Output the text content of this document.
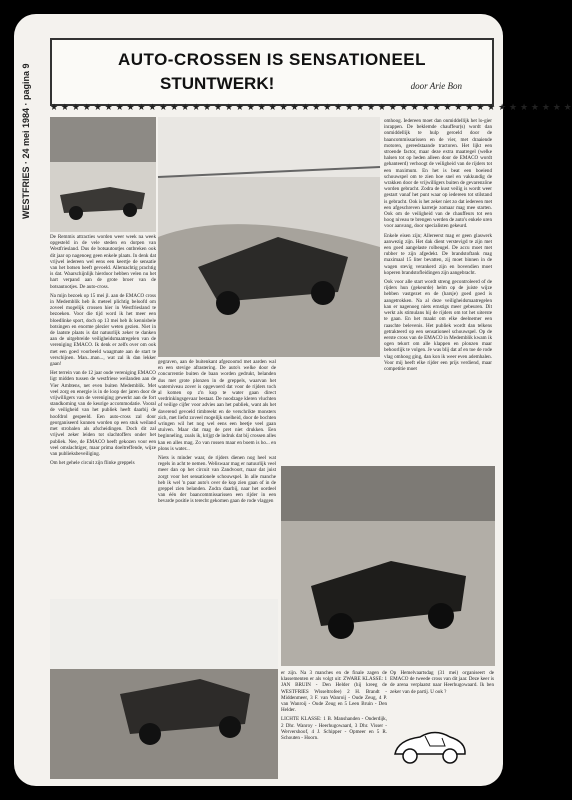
WESTFRIES · 24 mei 1984 · pagina 9
AUTO-CROSSEN IS SENSATIONEEL
STUNTWERK!	door Arie Bon
★ ★ ★ ★ ★ ★ ★ ★ ★ ★ ★ ★ ★ ★ ★ ★ ★ ★ ★ ★ ★ ★ ★ ★ ★ ★ ★ ★ ★ ★ ★ ★ ★ ★ ★ ★ ★ ★ ★ ★ ★ ★ ★ ★ ★ ★ ★ ★

De Remmis attracties worden weer week na week opgesteld in de vele steden en dorpen van Westfriesland. Dus de botsautootjes ontbreken ook dit jaar op nagenoeg geen enkele plaats. In denk dat vrijwel iedereen wel eens een keertje de sensatie van het botsen heeft gevoeld. Allemachtig prachtig is dat. Waarschijnlijk hierdoor hebben velen nu het hart verpand aan de grote broer van de botsautootjes. De auto-cross.

Na mijn bezoek op 15 mei jl. aan de EMACO cross in Medemblik heb ik meteel plichtig beloofd om zoveel mogelijk crossen hier in Westfriesland te bezoeken. Voor die tijd word ik het meer een bloedlinke sport, doch op 13 mei heb ik kennisbele botsingen en enorme plezier weten gezien. Niet in de laatste plaats is dat natuurlijk zeker te danken aan de uitgebreide veiligheidsmaatregelen van de vereniging EMACO. Ik denk er zelfs over om ook met een goed voorbeeld waagmate aan de start te verschijnen. Man...man..., wat zal ik dan lekker gaan!

Het terrein van de 12 jaar oude vereniging EMACO ligt midden tussen de westfriese weilanden aan de Vier Ambtens, net even buiten Medemblik. Met veel zorg en energie is in de loop der jaren door de vrijwilligers van de vereniging gewerkt aan de fort standkoming van de keurige accommodatie. Vooral de veiligheid van het publiek heeft daarbij de hoofdrol gespeeld. Een auto-cross zal door georganiseerd kunnen worden op een stuk weiland met strobalen als afscheidingen. Doch dit zal vrijwel zeker leiden tot slachtoffers onder het publiek. Nee, de EMACO heeft gekozen voor een veel omslachtiger, maar prima doeltreffende, wijze van publieksbeveiliging.

Om het gehele circuit zijn flinke greppels

gegraven, aan de buitenkant afgezoomd met aarden wal en een stevige afrastering. De auto's welke door de concurrentie buiten de baan worden gedrukt, belanden dus met grote plonzen in de greppels, waarvan het waterniveau zover is opgevoerd dat voor de rijders toch al komen op z'n kop te water gaan direct verdrinkingsgevaar bestaat. De noodzage kleren vluchten of veilige cijfer voor advies aan het publiek, want als het daverend gevoeld timbreekt en de verschrikte monsters zich, met liefst zoveel mogelijk snelheid, door de bochten wringen wil het nog wel eens een beetje veel gaan stuiven. Maar dat mag de pret niet drukken. Een beginneling, zoals ik, krijgt de indruk dat bij crossen alles kan en alles mag. Zo van rossen maar en boem is ho... en plons is water...

Niets is minder waar, de rijders dienen nog heel wat regels in acht te nemen. Weliswaar mag er natuurlijk veel meer dan op het circuit van Zandvoort, maar dat juist zorgt voor het sensationele schouwspel. In alle manche heb ik wel 'n paar auto's over de kop zien gaan of in de greppel zien belanden. Zodra daarbij, naar het oordeel van één der baancommissarissen een rijder in een bevarde positie is terecht gekomen gaan de rode vlaggen

omhoog. Iedereen moet dan onmiddellijk het lo-gier inrappen. De beklemde chauffeur(s) wordt dan onmiddellijk te hulp geroeld door de baancommissarissen en de vier, met draaiende motoren, gereedstaande tractoren. Het lijkt een stroende factor, maar deze extra maatregel (welke halsen tot op heden alleen door de EMACO wordt gehanteerd) verhoogt de veiligheid van de rijders tot een maximum. En het is beat een boeiend schouwspel om te zien hoe snel en vakkundig de wrakken door de vrijwilligers buiten de gevarenzône worden gebracht. Zodra de kust veilig is wordt weer gestart vanaf het punt waar op iedereen tot stilstand is gebracht. Ook is het zeker niet zo dat iedereen met een afgeschreven karretje zomaar mag mee starten. Ook om de veiligheid van de chauffeurs tot een hoog niveau te brengen werden de auto's enkele uren voor aanvang, door specialisten gekeurd.

Enkele eisen zijn; Allereerst mag er geen glaswerk aanwezig zijn. Het dak dient verstevigd te zijn met een goed aangelaste rolbeugel. De accu moet met rubber te zijn afgedekt. De brandstoftank mag maximaal 15 liter bevatten, zij moet binnen in de wagen stevig verankerd zijn en bovendien moet koperen brandstofleidingen zijn aangebracht.

Ook voor alle start wordt streng gecontroleerd of de rijders hun (gekeurde) helm op de juiste wijze hebben vastgezet en de (harsje) goed goed is aangetrokken. Na al deze veiligheidsmaatregelen kan er nagenoeg niets ernstigs meer gebeuren. Dit werkt als stimulans hij de rijders om tot het uiterste te gaan. En het maakt om elke deelnemer een raaschte belevenis. Het publiek wordt dan telkens getrakteerd op een sensationeel schouwspel. Op de eerste cross van de EMACO in Medemblik kwam ik ogen tekort om alle klappen en plonzen maar behoorlijk te volgen. Je was blij dat af en toe de rode vlag omhoog ging, dan kon ik weer even ademhalen. Voor mij heeft elke rijder een prijs verdiend, maar competitie moet

er zijn. Na 3 manches en de finale zagen de klassementen er als volgt uit: ZWARE KLASSE: 1 JAN BRUIN - Den Helder (hij kreeg de WESTFRIES Wisseltrofee) 2 H. Brandt - Middenmeer, 3 F. van Wanroij - Oude Zeug, 4 P. van Wanroij - Oude Zeug en 5 Leen Bruin - Den Helder.

LICHTE KLASSE: 1 B. Manshanden - Onderdijk, 2 Dhr. Wanroy - Heerhugowaard, 3 Dhr. Visser - Wervershoof, 4 J. Schipper - Opmeer en 5 R. Schouten - Hoorn.

Op Hemelvaartsdag (31 mei) organiseert de EMACO de tweede cross van dit jaar. Deze keer is de arena verplaatst naar Heerhugowaard. Ik ben zeker van de partij. U ook ?
